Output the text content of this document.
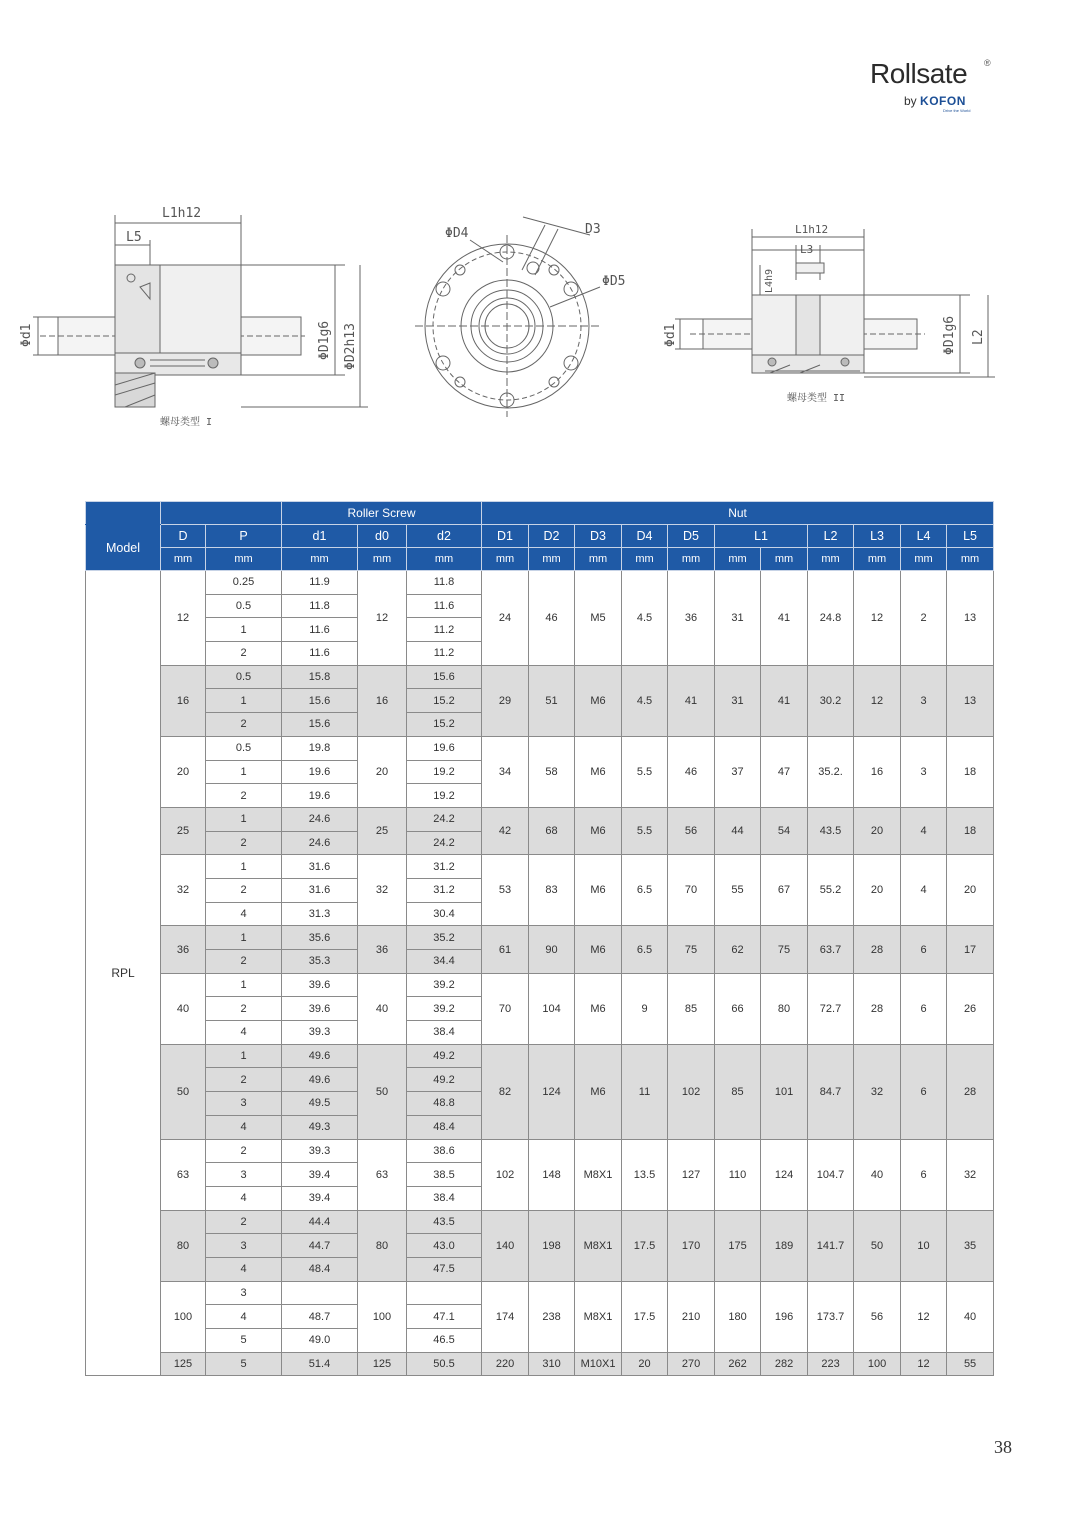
Rollsate ®
by KOFON
Drive the World
L1h12
L5
Φd1	ΦD1g6 ΦD2h13
螺母类型 I
ΦD4	D3
ΦD5
L1h12
L3
L4h9
Φd1	ΦD1g6 L2
螺母类型 II
			Roller Screw			Nut										
Model	D	P	d1	d0	d2	D1	D2	D3	D4	D5	L1		L2	L3	L4	L5
	mm	mm	mm	mm	mm	mm	mm	mm	mm	mm	mm	mm	mm	mm	mm	mm
RPL	12	0.25	11.9	12	11.8	24	46	M5	4.5	36	31	41	24.8	12	2	13
		0.5	11.8		11.6											
		1	11.6		11.2											
		2	11.6		11.2											
	16	0.5	15.8	16	15.6	29	51	M6	4.5	41	31	41	30.2	12	3	13
		1	15.6		15.2											
		2	15.6		15.2											
	20	0.5	19.8	20	19.6	34	58	M6	5.5	46	37	47	35.2.	16	3	18
		1	19.6		19.2											
		2	19.6		19.2											
	25	1	24.6	25	24.2	42	68	M6	5.5	56	44	54	43.5	20	4	18
		2	24.6		24.2											
	32	1	31.6	32	31.2	53	83	M6	6.5	70	55	67	55.2	20	4	20
		2	31.6		31.2											
		4	31.3		30.4											
	36	1	35.6	36	35.2	61	90	M6	6.5	75	62	75	63.7	28	6	17
		2	35.3		34.4											
	40	1	39.6	40	39.2	70	104	M6	9	85	66	80	72.7	28	6	26
		2	39.6		39.2											
		4	39.3		38.4											
	50	1	49.6	50	49.2	82	124	M6	11	102	85	101	84.7	32	6	28
		2	49.6		49.2											
		3	49.5		48.8											
		4	49.3		48.4											
	63	2	39.3	63	38.6	102	148	M8X1	13.5	127	110	124	104.7	40	6	32
		3	39.4		38.5											
		4	39.4		38.4											
	80	2	44.4	80	43.5	140	198	M8X1	17.5	170	175	189	141.7	50	10	35
		3	44.7		43.0											
		4	48.4		47.5											
	100	3		100		174	238	M8X1	17.5	210	180	196	173.7	56	12	40
		4	48.7		47.1											
		5	49.0		46.5											
	125	5	51.4	125	50.5	220	310	M10X1	20	270	262	282	223	100	12	55
38
